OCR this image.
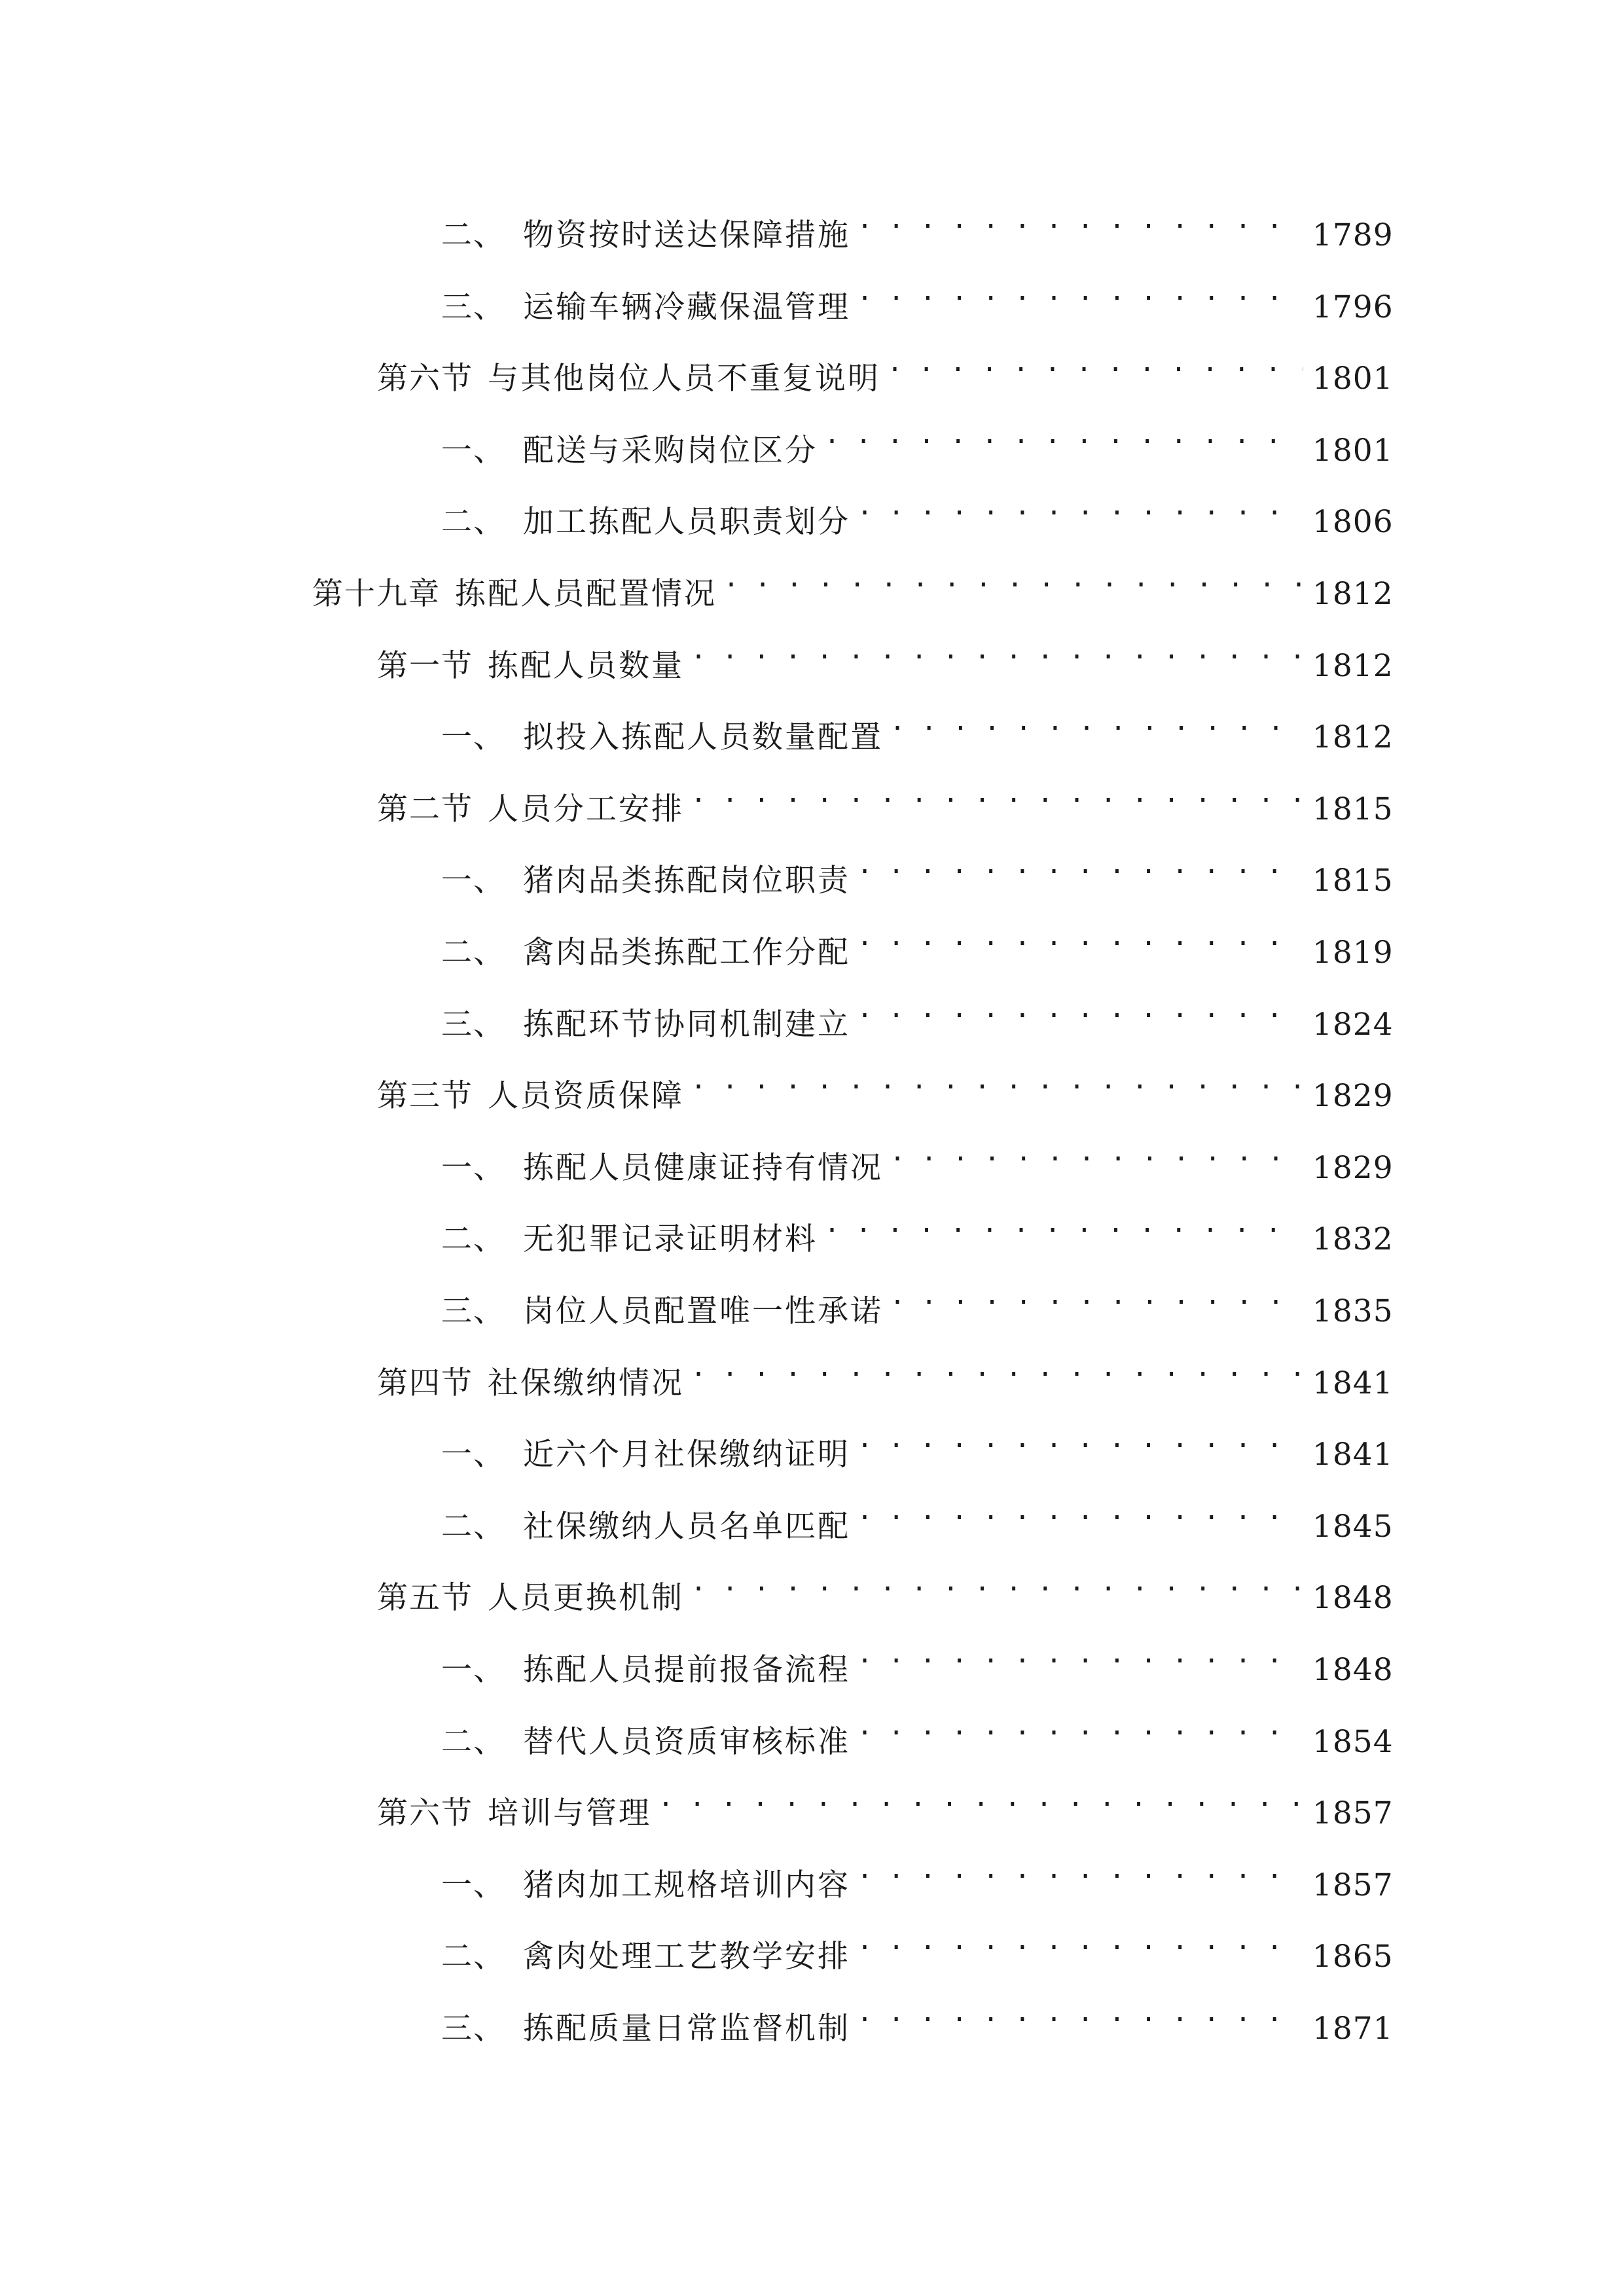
二、 物资按时送达保障措施 . . .	1789
三、 运输车辆冷藏保温管理 . . .	1796
第六节 与其他岗位人员不重复说明 . . .	1801
一、 配送与采购岗位区分 . . .	1801
二、 加工拣配人员职责划分 . . .	1806
第十九章 拣配人员配置情况 . . .	1812
第一节 拣配人员数量 . . .	1812
一、 拟投入拣配人员数量配置 . . .	1812
第二节 人员分工安排 . . .	1815
一、 猪肉品类拣配岗位职责 . . .	1815
二、 禽肉品类拣配工作分配 . . .	1819
三、 拣配环节协同机制建立 . . .	1824
第三节 人员资质保障 . . .	1829
一、 拣配人员健康证持有情况 . . .	1829
二、 无犯罪记录证明材料 . . .	1832
三、 岗位人员配置唯一性承诺 . . .	1835
第四节 社保缴纳情况 . . .	1841
一、 近六个月社保缴纳证明 . . .	1841
二、 社保缴纳人员名单匹配 . . .	1845
第五节 人员更换机制 . . .	1848
一、 拣配人员提前报备流程 . . .	1848
二、 替代人员资质审核标准 . . .	1854
第六节 培训与管理 . . .	1857
一、 猪肉加工规格培训内容 . . .	1857
二、 禽肉处理工艺教学安排 . . .	1865
三、 拣配质量日常监督机制 . . .	1871
